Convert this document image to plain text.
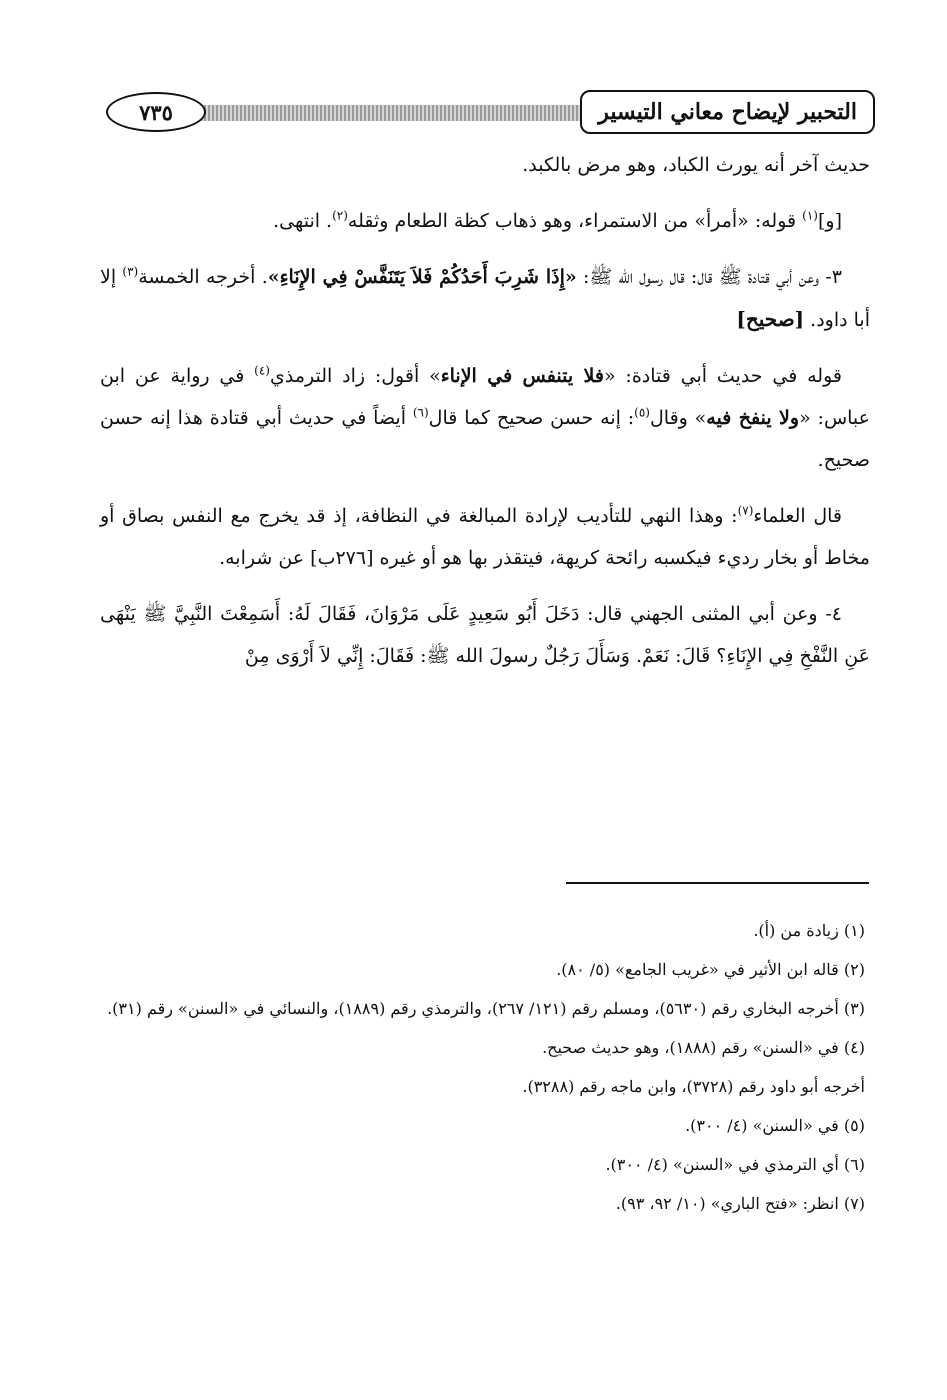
التحبير لإيضاح معاني التيسير
٧٣٥

حديث آخر أنه يورث الكباد، وهو مرض بالكبد.

[و]$^{(١)}$ قوله: «أمرأ» من الاستمراء، وهو ذهاب كظة الطعام وثقله$^{(٢)}$. انتهى.

٣- وعن أبي قتادة ﷺ قال: قال رسول الله ﷺ: «إِذَا شَرِبَ أَحَدُكُمْ فَلاَ يَتَنَفَّسْ فِي الإِنَاءِ». أخرجه الخمسة$^{(٣)}$ إلا أبا داود. [صحيح]

قوله في حديث أبي قتادة: «فلا يتنفس في الإناء» أقول: زاد الترمذي$^{(٤)}$ في رواية عن ابن عباس: «ولا ينفخ فيه» وقال$^{(٥)}$: إنه حسن صحيح كما قال$^{(٦)}$ أيضاً في حديث أبي قتادة هذا إنه حسن صحيح.

قال العلماء$^{(٧)}$: وهذا النهي للتأديب لإرادة المبالغة في النظافة، إذ قد يخرج مع النفس بصاق أو مخاط أو بخار رديء فيكسبه رائحة كريهة، فيتقذر بها هو أو غيره [٢٧٦ب] عن شرابه.

٤- وعن أبي المثنى الجهني قال: دَخَلَ أَبُو سَعِيدٍ عَلَى مَرْوَانَ، فَقَالَ لَهُ: أَسَمِعْتَ النَّبِيَّ ﷺ يَنْهَى عَنِ النَّفْخِ فِي الإِنَاءِ؟ قَالَ: نَعَمْ. وَسَأَلَ رَجُلٌ رسولَ الله ﷺ: فَقَالَ: إِنِّي لاَ أَرْوَى مِنْ

(١) زيادة من (أ).

(٢) قاله ابن الأثير في «غريب الجامع» (٥/ ٨٠).

(٣) أخرجه البخاري رقم (٥٦٣٠)، ومسلم رقم (١٢١/ ٢٦٧)، والترمذي رقم (١٨٨٩)، والنسائي في «السنن» رقم (٣١).

(٤) في «السنن» رقم (١٨٨٨)، وهو حديث صحيح.

أخرجه أبو داود رقم (٣٧٢٨)، وابن ماجه رقم (٣٢٨٨).

(٥) في «السنن» (٤/ ٣٠٠).

(٦) أي الترمذي في «السنن» (٤/ ٣٠٠).

(٧) انظر: «فتح الباري» (١٠/ ٩٢، ٩٣).
